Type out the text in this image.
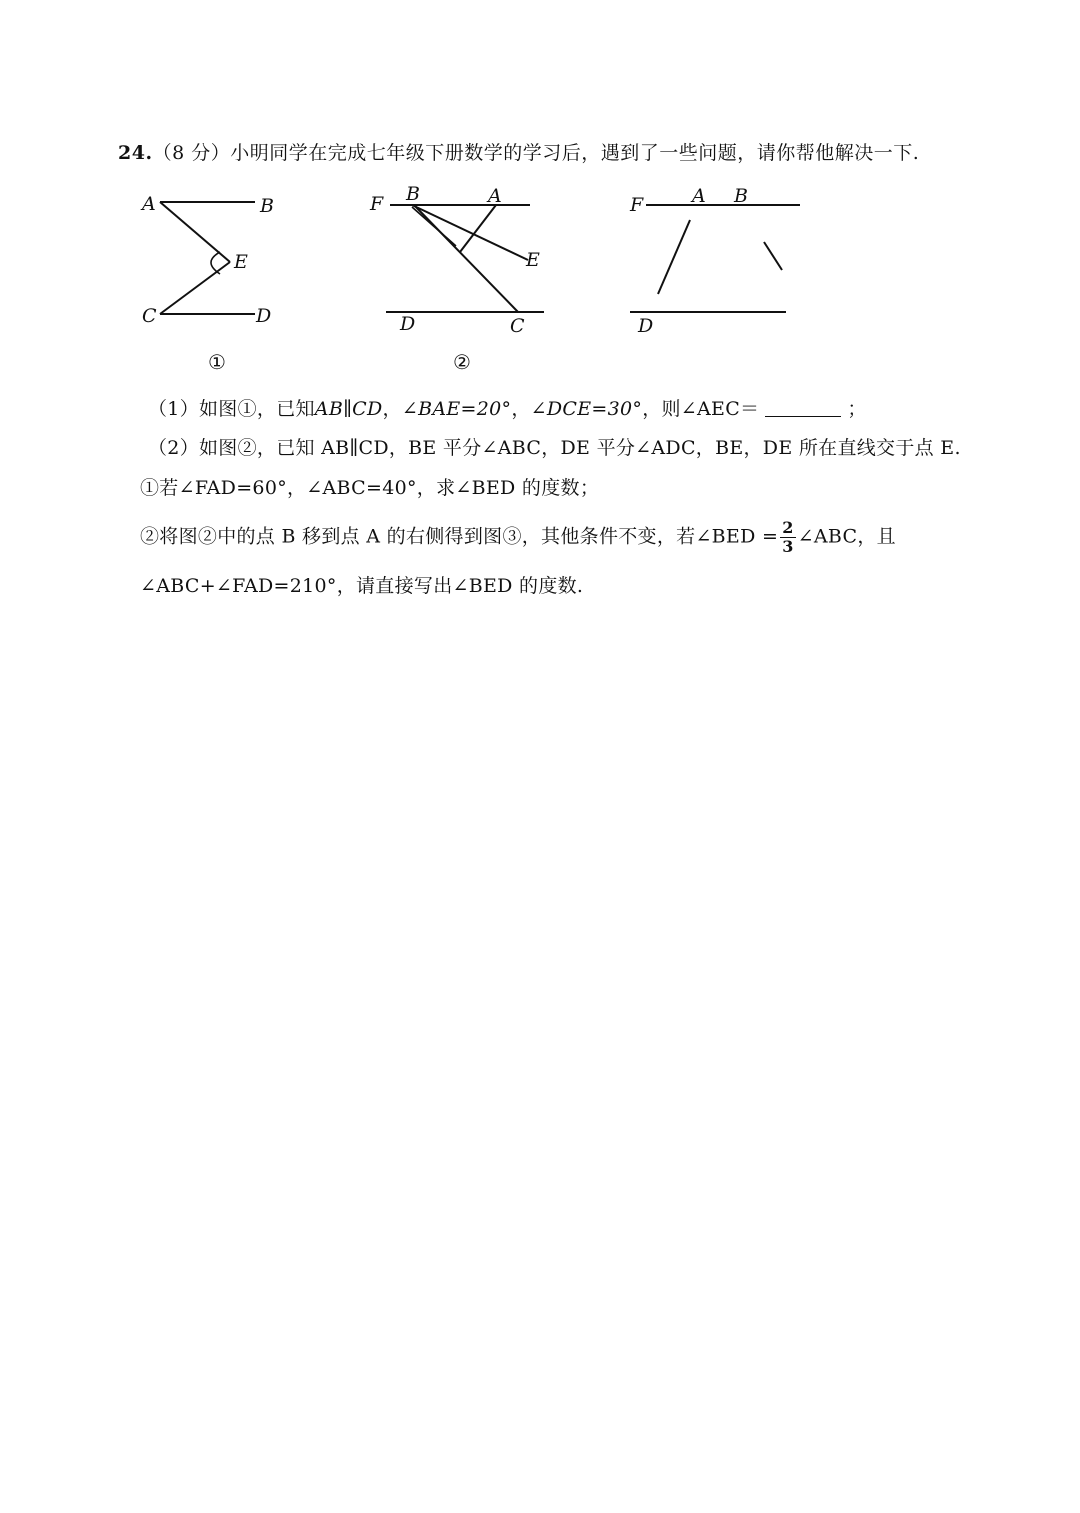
24.（8 分）小明同学在完成七年级下册数学的学习后，遇到了一些问题，请你帮他解决一下.
A	B
E
C	D
F B	A
E
D	C
F	A B
D
①	②
（1）如图①，已知AB∥CD，∠BAE=20°，∠DCE=30°，则∠AEC＝	；
（2）如图②，已知 AB∥CD，BE 平分∠ABC，DE 平分∠ADC，BE，DE 所在直线交于点 E.
①若∠FAD=60°，∠ABC=40°，求∠BED 的度数；
②将图②中的点 B 移到点 A 的右侧得到图③，其他条件不变，若∠BED = $\frac{2}{3}$ ∠ABC，且
∠ABC+∠FAD=210°，请直接写出∠BED 的度数.
